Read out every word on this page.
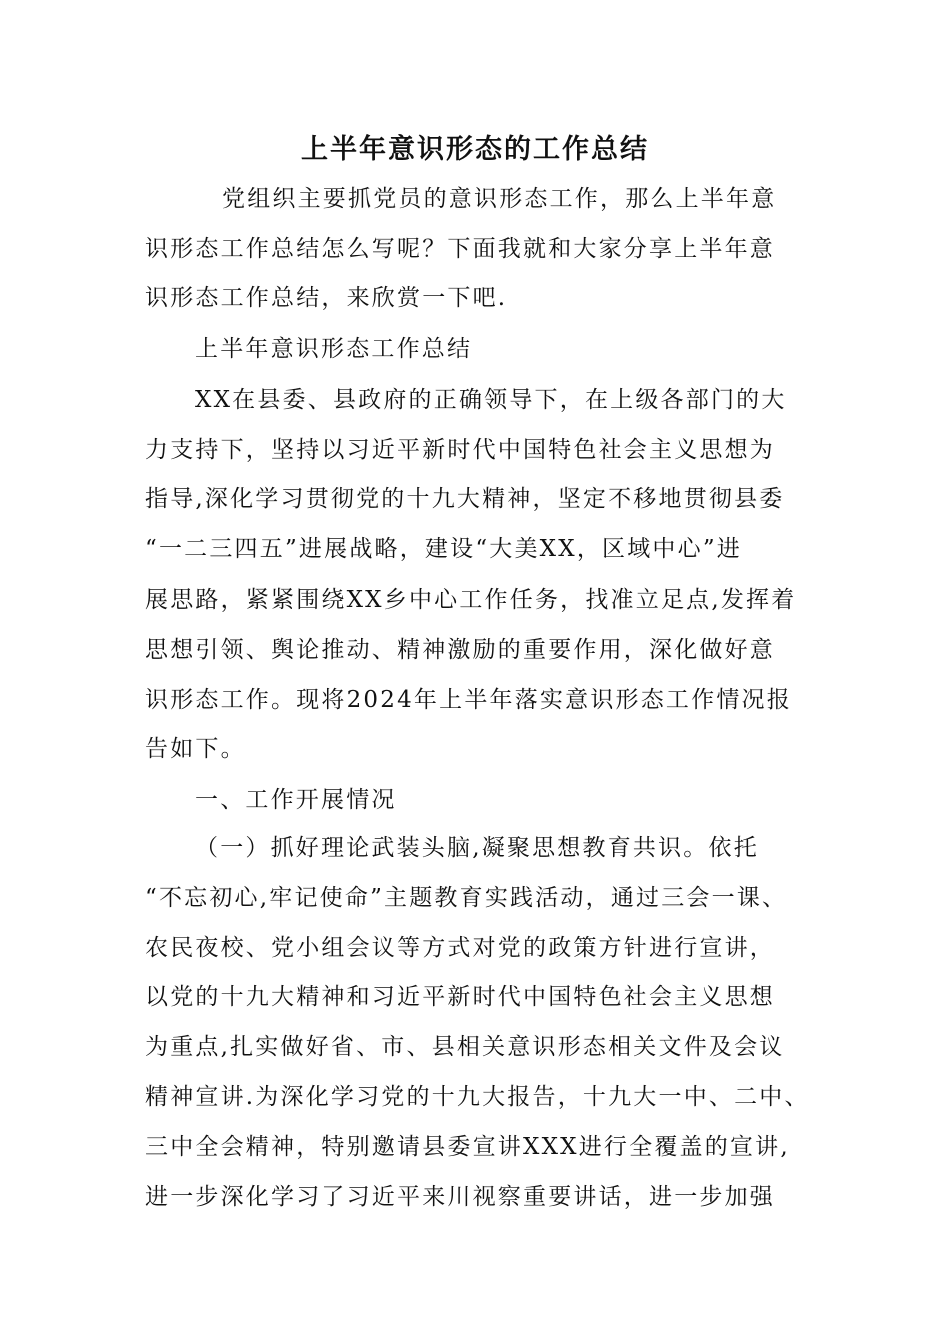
上半年意识形态的工作总结
党组织主要抓党员的意识形态工作，那么上半年意
识形态工作总结怎么写呢？下面我就和大家分享上半年意
识形态工作总结，来欣赏一下吧.
上半年意识形态工作总结
XX在县委、县政府的正确领导下，在上级各部门的大
力支持下，坚持以习近平新时代中国特色社会主义思想为
指导,深化学习贯彻党的十九大精神，坚定不移地贯彻县委
“一二三四五”进展战略，建设“大美XX，区域中心”进
展思路，紧紧围绕XX乡中心工作任务，找准立足点,发挥着
思想引领、舆论推动、精神激励的重要作用，深化做好意
识形态工作。现将2024年上半年落实意识形态工作情况报
告如下。
一、工作开展情况
（一）抓好理论武装头脑,凝聚思想教育共识。依托
“不忘初心,牢记使命”主题教育实践活动，通过三会一课、
农民夜校、党小组会议等方式对党的政策方针进行宣讲，
以党的十九大精神和习近平新时代中国特色社会主义思想
为重点,扎实做好省、市、县相关意识形态相关文件及会议
精神宣讲.为深化学习党的十九大报告，十九大一中、二中、
三中全会精神，特别邀请县委宣讲XXX进行全覆盖的宣讲,
进一步深化学习了习近平来川视察重要讲话，进一步加强
